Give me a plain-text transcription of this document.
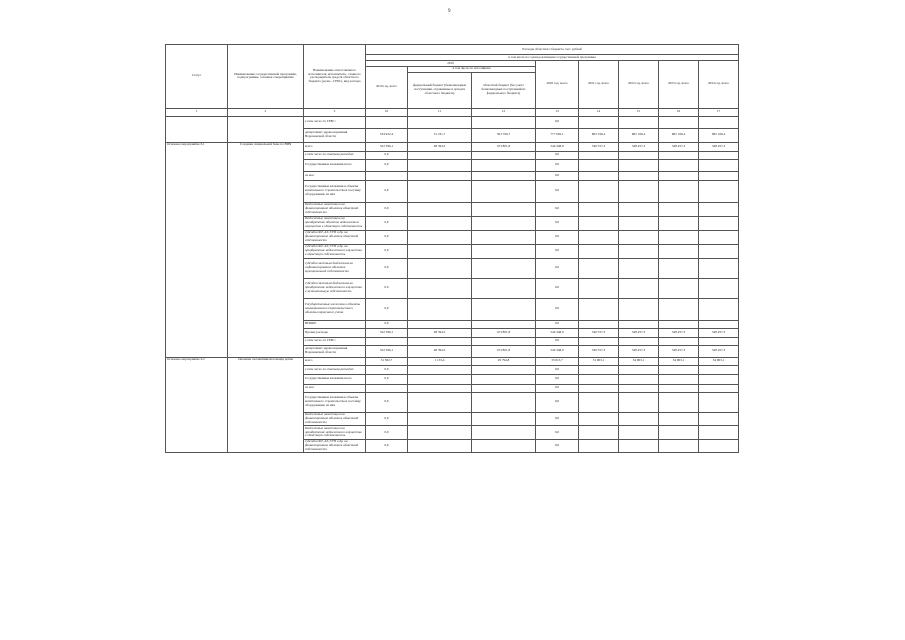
9
Статус	Наименование государственной программы, подпрограммы, основного мероприятия	Наименование ответственного исполнителя, исполнителя - главного распорядителя средств областного бюджета (далее - ГРБС), вид расхода	Расходы областного бюджета, тыс. рублей							
			в том числе по годам реализации государственной программы							
			2019			2020 год, всего	2021 год, всего	2022 год, всего	2023 год, всего	2024 год, всего
			2019 год, всего	в том числе по источникам						
				федеральный бюджет (безвозмездные поступления, отраженные в доходах областного бюджета)	областной бюджет (без учета безвозмездных поступлений из федерального бюджета)					
1	2	3	10	11	12	13	14	15	16	17
		в том числе по ГРБС:				0,0				
		департамент здравоохранения Воронежской области	534 922,4	31 231,7	503 790,7	777 692,1	863 196,4	865 166,4	865 166,4	865 166,4
Основное мероприятие 6.1	Создание специальной базы по ВИЧ	всего	522 396,1	48 594,3	473 801,8	544 348,9	540 557,3	548 457,3	548 457,3	548 457,3
		в том числе по статьям расходов:	0,0			0,0				
		Государственные вложения всего	0,0			0,0				
		из них:				0,0				
		Государственные вложения в объекты капитального строительства и поставку оборудования, из них	0,0			0,0				
		Бюджетные инвестиции на финансирование объектов областной собственности	0,0			0,0				
		Бюджетные инвестиции на приобретение объектов недвижимого имущества в областную собственность	0,0			0,0				
		субсидии ФТ, АТ, ГУП и др. на финансирование объектов областной собственности	0,0			0,0				
		субсидии ФТ, АТ, ГУП и др. на приобретение недвижимого имущества в областную собственность	0,0			0,0				
		субсидии местным бюджетам на софинансирование объектов муниципальной собственности	0,0			0,0				
		субсидии местным бюджетам на приобретение недвижимого имущества в муниципальную собственность	0,0			0,0				
		Государственные вложения в объекты незавершенного строительства и объекты первичного учета	0,0			0,0				
		НИОКР	0,0			0,0				
		Прочие расходы	522 396,1	48 594,3	473 801,8	544 348,9	540 557,3	548 457,3	548 457,3	548 457,3
		в том числе по ГРБС:				0,0				
		департамент здравоохранения Воронежской области	522 396,1	48 594,3	473 801,8	544 348,9	540 557,3	548 457,3	548 457,3	548 457,3
Основное мероприятие 6.2	Оказание паллиативной помощи детям	всего	31 832,7	1 135,4	29 794,8	33 013,7	31 903,1	34 903,1	34 903,1	34 903,1
		в том числе по статьям расходов:	0,0			0,0				
		Государственные вложения всего	0,0			0,0				
		из них:				0,0				
		Государственные вложения в объекты капитального строительства и поставку оборудования, из них	0,0			0,0				
		Бюджетные инвестиции на финансирование объектов областной собственности	0,0			0,0				
		Бюджетные инвестиции на приобретение недвижимого имущества в областную собственность	0,0			0,0				
		субсидии ФТ, АТ, ГУП и др. на финансирование объектов областной собственности	0,0			0,0				
